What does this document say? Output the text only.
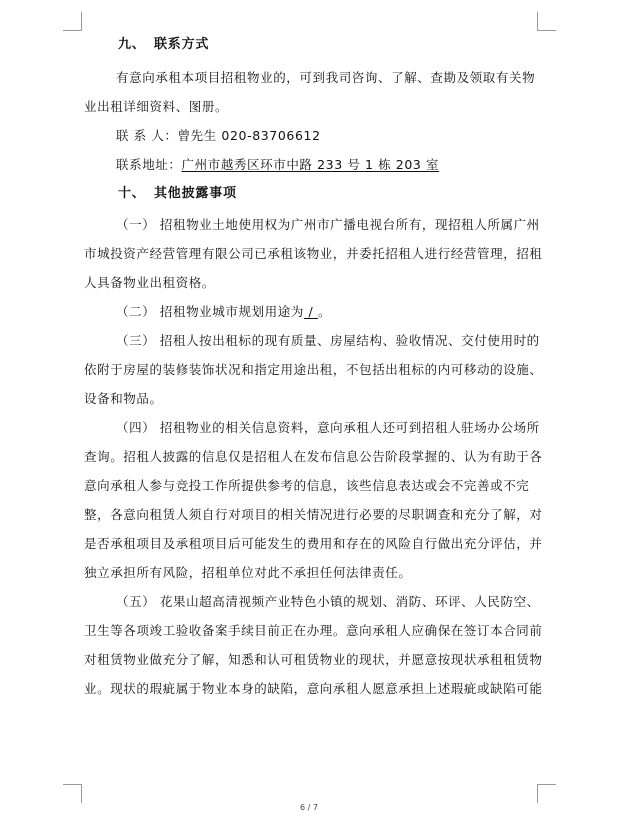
九、 联系方式
有意向承租本项目招租物业的，可到我司咨询、了解、查勘及领取有关物
业出租详细资料、图册。
联 系 人：曾先生 020-83706612
联系地址：广州市越秀区环市中路 233 号 1 栋 203 室
十、 其他披露事项
（一） 招租物业土地使用权为广州市广播电视台所有，现招租人所属广州
市城投资产经营管理有限公司已承租该物业，并委托招租人进行经营管理，招租
人具备物业出租资格。
（二） 招租物业城市规划用途为 / 。
（三） 招租人按出租标的现有质量、房屋结构、验收情况、交付使用时的
依附于房屋的装修装饰状况和指定用途出租，不包括出租标的内可移动的设施、
设备和物品。
（四） 招租物业的相关信息资料，意向承租人还可到招租人驻场办公场所
查询。招租人披露的信息仅是招租人在发布信息公告阶段掌握的、认为有助于各
意向承租人参与竞投工作所提供参考的信息，该些信息表达或会不完善或不完
整，各意向租赁人须自行对项目的相关情况进行必要的尽职调查和充分了解，对
是否承租项目及承租项目后可能发生的费用和存在的风险自行做出充分评估，并
独立承担所有风险，招租单位对此不承担任何法律责任。
（五） 花果山超高清视频产业特色小镇的规划、消防、环评、人民防空、
卫生等各项竣工验收备案手续目前正在办理。意向承租人应确保在签订本合同前
对租赁物业做充分了解，知悉和认可租赁物业的现状，并愿意按现状承租租赁物
业。现状的瑕疵属于物业本身的缺陷，意向承租人愿意承担上述瑕疵或缺陷可能
6 / 7
